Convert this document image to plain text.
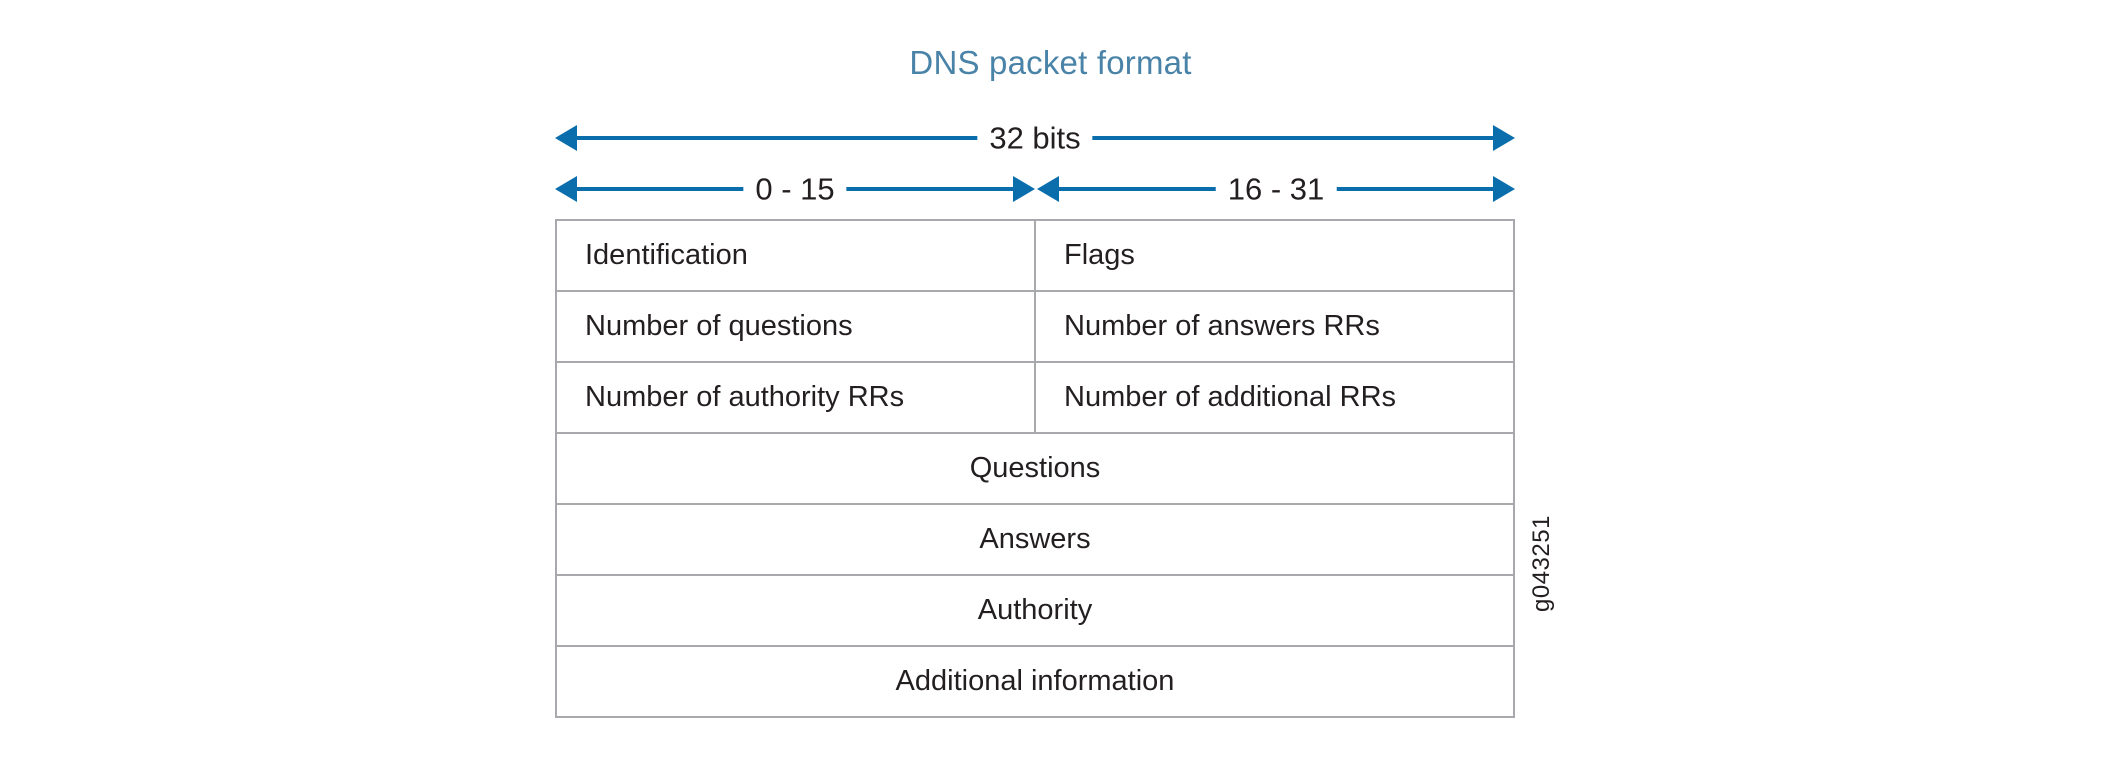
DNS packet format
32 bits
0 - 15	16 - 31
Identification	Flags
Number of questions	Number of answers RRs
Number of authority RRs	Number of additional RRs
Questions	
Answers	
Authority	
Additional information	
g043251
